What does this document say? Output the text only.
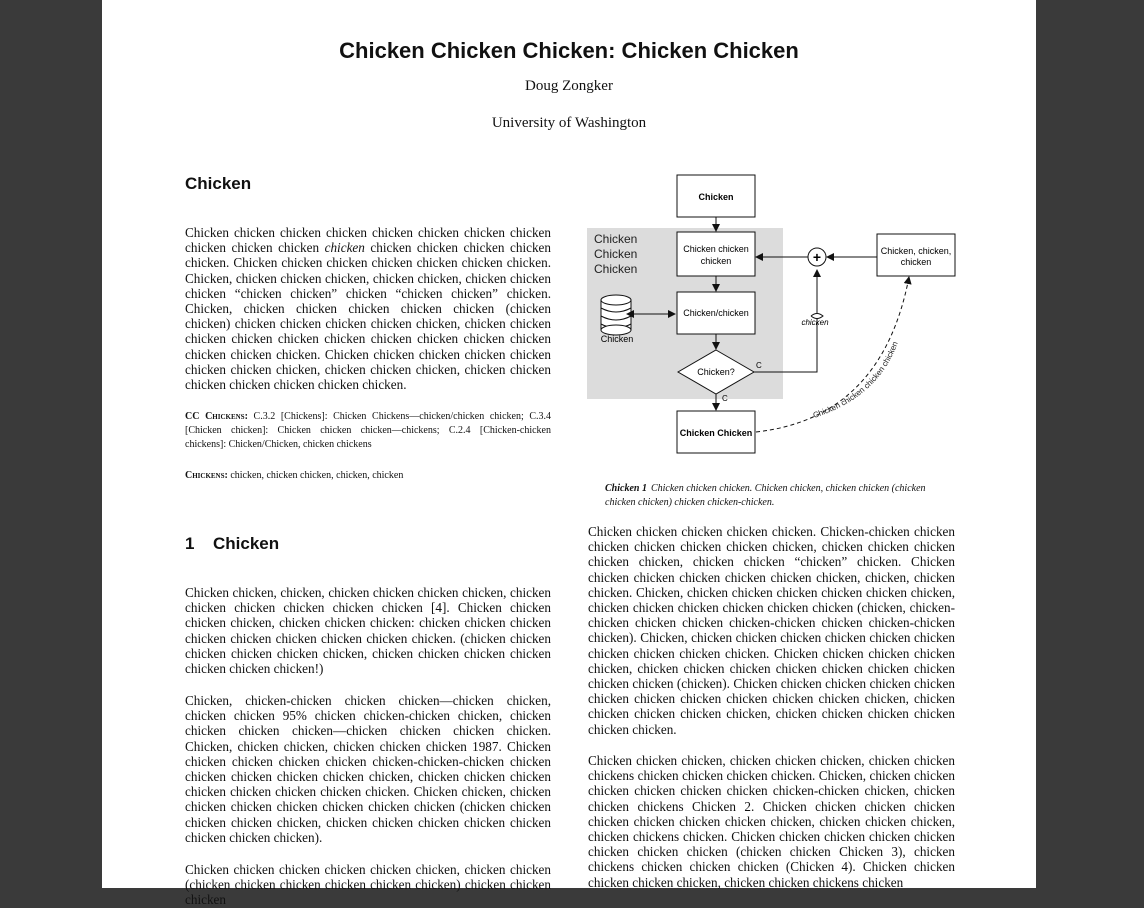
Chicken Chicken Chicken: Chicken Chicken
Doug Zongker
University of Washington
Chicken
Chicken chicken chicken chicken chicken chicken chicken chicken chicken chicken chicken chicken chicken chicken chicken chicken chicken. Chicken chicken chicken chicken chicken chicken chicken. Chicken, chicken chicken chicken, chicken chicken, chicken chicken chicken “chicken chicken” chicken “chicken chicken” chicken. Chicken, chicken chicken chicken chicken chicken (chicken chicken) chicken chicken chicken chicken chicken, chicken chicken chicken chicken chicken chicken chicken chicken chicken chicken chicken chicken chicken. Chicken chicken chicken chicken chicken chicken chicken chicken, chicken chicken chicken, chicken chicken chicken chicken chicken chicken chicken.
CC Chickens: C.3.2 [Chickens]: Chicken Chickens—chicken/chicken chicken; C.3.4 [Chicken chicken]: Chicken chicken chicken—chickens; C.2.4 [Chicken-chicken chickens]: Chicken/Chicken, chicken chickens
Chickens: chicken, chicken chicken, chicken, chicken
1 Chicken
Chicken chicken, chicken, chicken chicken chicken chicken, chicken chicken chicken chicken chicken chicken [4]. Chicken chicken chicken chicken, chicken chicken chicken: chicken chicken chicken chicken chicken chicken chicken chicken chicken. (chicken chicken chicken chicken chicken chicken, chicken chicken chicken chicken chicken chicken chicken!)
Chicken, chicken-chicken chicken chicken—chicken chicken, chicken chicken 95% chicken chicken-chicken chicken, chicken chicken chicken chicken—chicken chicken chicken chicken. Chicken, chicken chicken, chicken chicken chicken 1987. Chicken chicken chicken chicken chicken chicken-chicken-chicken chicken chicken chicken chicken chicken chicken, chicken chicken chicken chicken chicken chicken chicken chicken. Chicken chicken, chicken chicken chicken chicken chicken chicken chicken (chicken chicken chicken chicken chicken, chicken chicken chicken chicken chicken chicken chicken chicken).
Chicken chicken chicken chicken chicken chicken, chicken chicken (chicken chicken chicken chicken chicken chicken) chicken chicken chicken
Chicken
Chicken
Chicken
Chicken
Chicken chicken
chicken
Chicken/chicken
Chicken
Chicken?
C
Chicken Chicken
C
chicken
+	Chicken, chicken,
chicken
Chicken chicken chicken chicken
Chicken 1 Chicken chicken chicken. Chicken chicken, chicken chicken (chicken chicken chicken) chicken chicken-chicken.
Chicken chicken chicken chicken chicken. Chicken-chicken chicken chicken chicken chicken chicken chicken, chicken chicken chicken chicken chicken, chicken chicken “chicken” chicken. Chicken chicken chicken chicken chicken chicken chicken, chicken, chicken chicken. Chicken, chicken chicken chicken chicken chicken chicken, chicken chicken chicken chicken chicken chicken (chicken, chicken-chicken chicken chicken chicken-chicken chicken chicken-chicken chicken). Chicken, chicken chicken chicken chicken chicken chicken chicken chicken chicken chicken. Chicken chicken chicken chicken chicken, chicken chicken chicken chicken chicken chicken chicken chicken chicken (chicken). Chicken chicken chicken chicken chicken chicken chicken chicken chicken chicken chicken chicken, chicken chicken chicken chicken chicken, chicken chicken chicken chicken chicken chicken.
Chicken chicken chicken, chicken chicken chicken, chicken chicken chickens chicken chicken chicken chicken. Chicken, chicken chicken chicken chicken chicken chicken chicken-chicken chicken, chicken chicken chickens Chicken 2. Chicken chicken chicken chicken chicken chicken chicken chicken chicken, chicken chicken chicken, chicken chickens chicken. Chicken chicken chicken chicken chicken chicken chicken chicken (chicken chicken Chicken 3), chicken chickens chicken chicken chicken (Chicken 4). Chicken chicken chicken chicken chicken, chicken chicken chickens chicken
